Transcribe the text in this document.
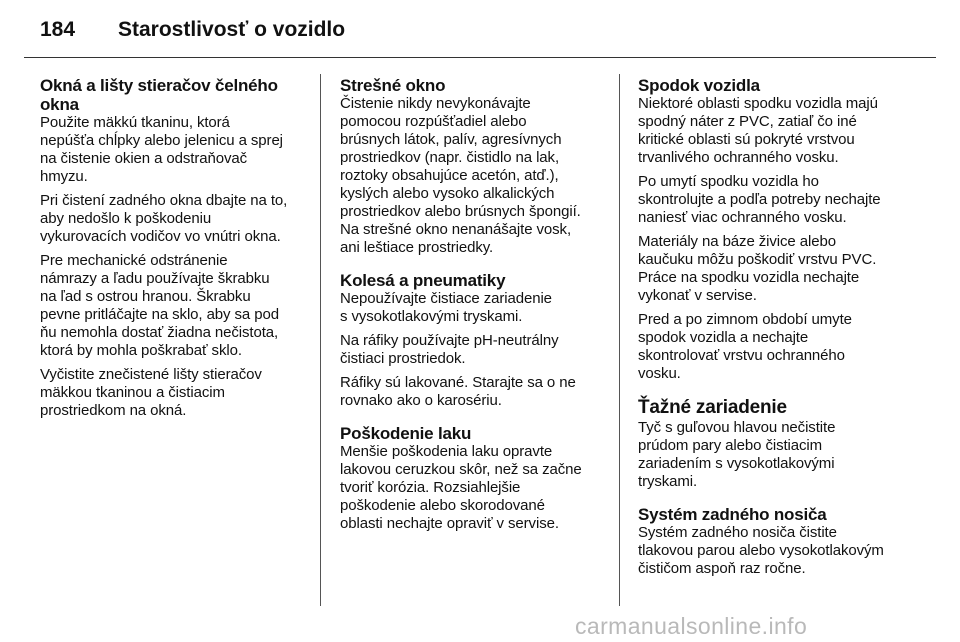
184 Starostlivosť o vozidlo
Okná a lišty stieračov čelného
okna

Použite mäkkú tkaninu, ktorá
nepúšťa chĺpky alebo jelenicu a sprej
na čistenie okien a odstraňovač
hmyzu.

Pri čistení zadného okna dbajte na to,
aby nedošlo k poškodeniu
vykurovacích vodičov vo vnútri okna.

Pre mechanické odstránenie
námrazy a ľadu používajte škrabku
na ľad s ostrou hranou. Škrabku
pevne pritláčajte na sklo, aby sa pod
ňu nemohla dostať žiadna nečistota,
ktorá by mohla poškrabať sklo.

Vyčistite znečistené lišty stieračov
mäkkou tkaninou a čistiacim
prostriedkom na okná.

Strešné okno

Čistenie nikdy nevykonávajte
pomocou rozpúšťadiel alebo
brúsnych látok, palív, agresívnych
prostriedkov (napr. čistidlo na lak,
roztoky obsahujúce acetón, atď.),
kyslých alebo vysoko alkalických
prostriedkov alebo brúsnych špongií.
Na strešné okno nenanášajte vosk,
ani leštiace prostriedky.

Kolesá a pneumatiky

Nepoužívajte čistiace zariadenie
s vysokotlakovými tryskami.

Na ráfiky používajte pH-neutrálny
čistiaci prostriedok.

Ráfiky sú lakované. Starajte sa o ne
rovnako ako o karosériu.

Poškodenie laku

Menšie poškodenia laku opravte
lakovou ceruzkou skôr, než sa začne
tvoriť korózia. Rozsiahlejšie
poškodenie alebo skorodované
oblasti nechajte opraviť v servise.

Spodok vozidla

Niektoré oblasti spodku vozidla majú
spodný náter z PVC, zatiaľ čo iné
kritické oblasti sú pokryté vrstvou
trvanlivého ochranného vosku.

Po umytí spodku vozidla ho
skontrolujte a podľa potreby nechajte
naniesť viac ochranného vosku.

Materiály na báze živice alebo
kaučuku môžu poškodiť vrstvu PVC.
Práce na spodku vozidla nechajte
vykonať v servise.

Pred a po zimnom období umyte
spodok vozidla a nechajte
skontrolovať vrstvu ochranného
vosku.

Ťažné zariadenie

Tyč s guľovou hlavou nečistite
prúdom pary alebo čistiacim
zariadením s vysokotlakovými
tryskami.

Systém zadného nosiča

Systém zadného nosiča čistite
tlakovou parou alebo vysokotlakovým
čističom aspoň raz ročne.

carmanualsonline.info
